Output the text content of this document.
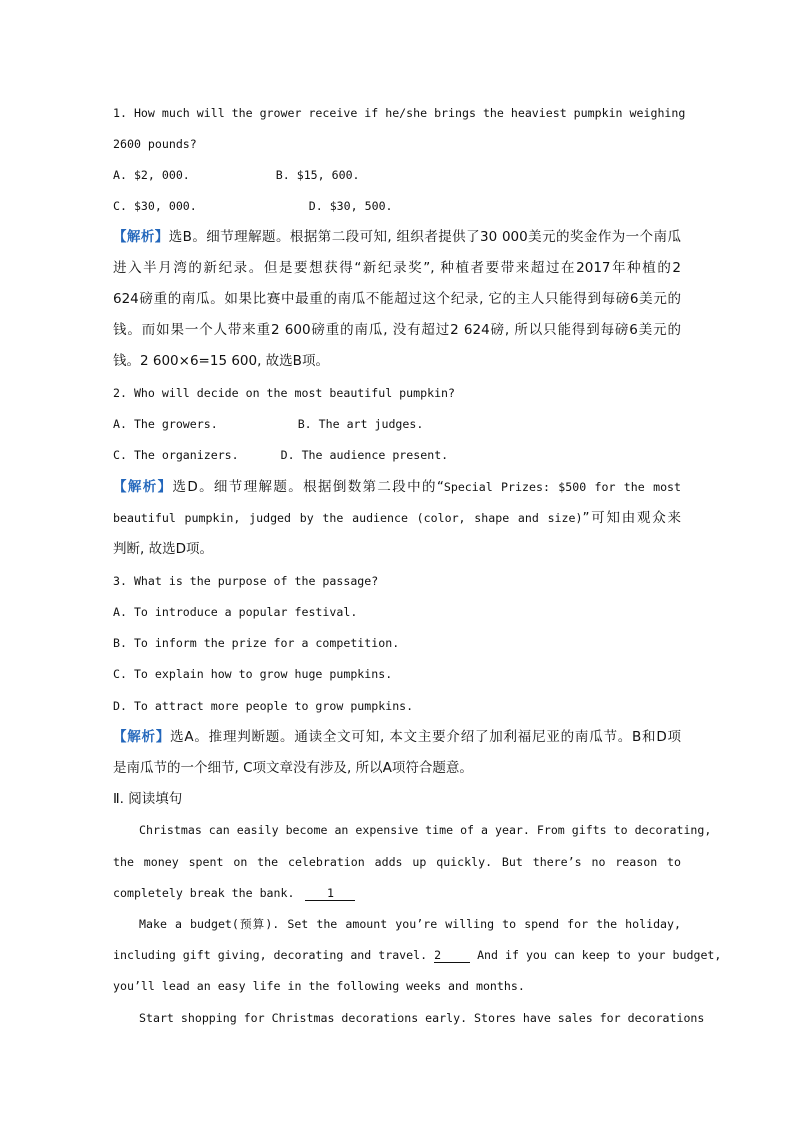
1. How much will the grower receive if he/she brings the heaviest pumpkin weighing
2600 pounds?
A. $2, 000.	B. $15, 600.
C. $30, 000.	D. $30, 500.
【解析】选B。细节理解题。根据第二段可知, 组织者提供了30 000美元的奖金作为一个南瓜
进入半月湾的新纪录。但是要想获得“新纪录奖”, 种植者要带来超过在2017年种植的2
624磅重的南瓜。如果比赛中最重的南瓜不能超过这个纪录, 它的主人只能得到每磅6美元的
钱。而如果一个人带来重2 600磅重的南瓜, 没有超过2 624磅, 所以只能得到每磅6美元的
钱。2 600×6=15 600, 故选B项。
2. Who will decide on the most beautiful pumpkin?
A. The growers.	B. The art judges.
C. The organizers.	D. The audience present.
【解析】选D。细节理解题。根据倒数第二段中的“Special Prizes: $500 for the most
beautiful pumpkin, judged by the audience (color, shape and size)”可知由观众来
判断, 故选D项。
3. What is the purpose of the passage?
A. To introduce a popular festival.
B. To inform the prize for a competition.
C. To explain how to grow huge pumpkins.
D. To attract more people to grow pumpkins.
【解析】选A。推理判断题。通读全文可知, 本文主要介绍了加利福尼亚的南瓜节。B和D项
是南瓜节的一个细节, C项文章没有涉及, 所以A项符合题意。
Ⅱ. 阅读填句
Christmas can easily become an expensive time of a year. From gifts to decorating,
the money spent on the celebration adds up quickly. But there’s no reason to
completely break the bank.	1
Make a budget(预算). Set the amount you’re willing to spend for the holiday,
including gift giving, decorating and travel. 2	And if you can keep to your budget,
you’ll lead an easy life in the following weeks and months.
Start shopping for Christmas decorations early. Stores have sales for decorations
